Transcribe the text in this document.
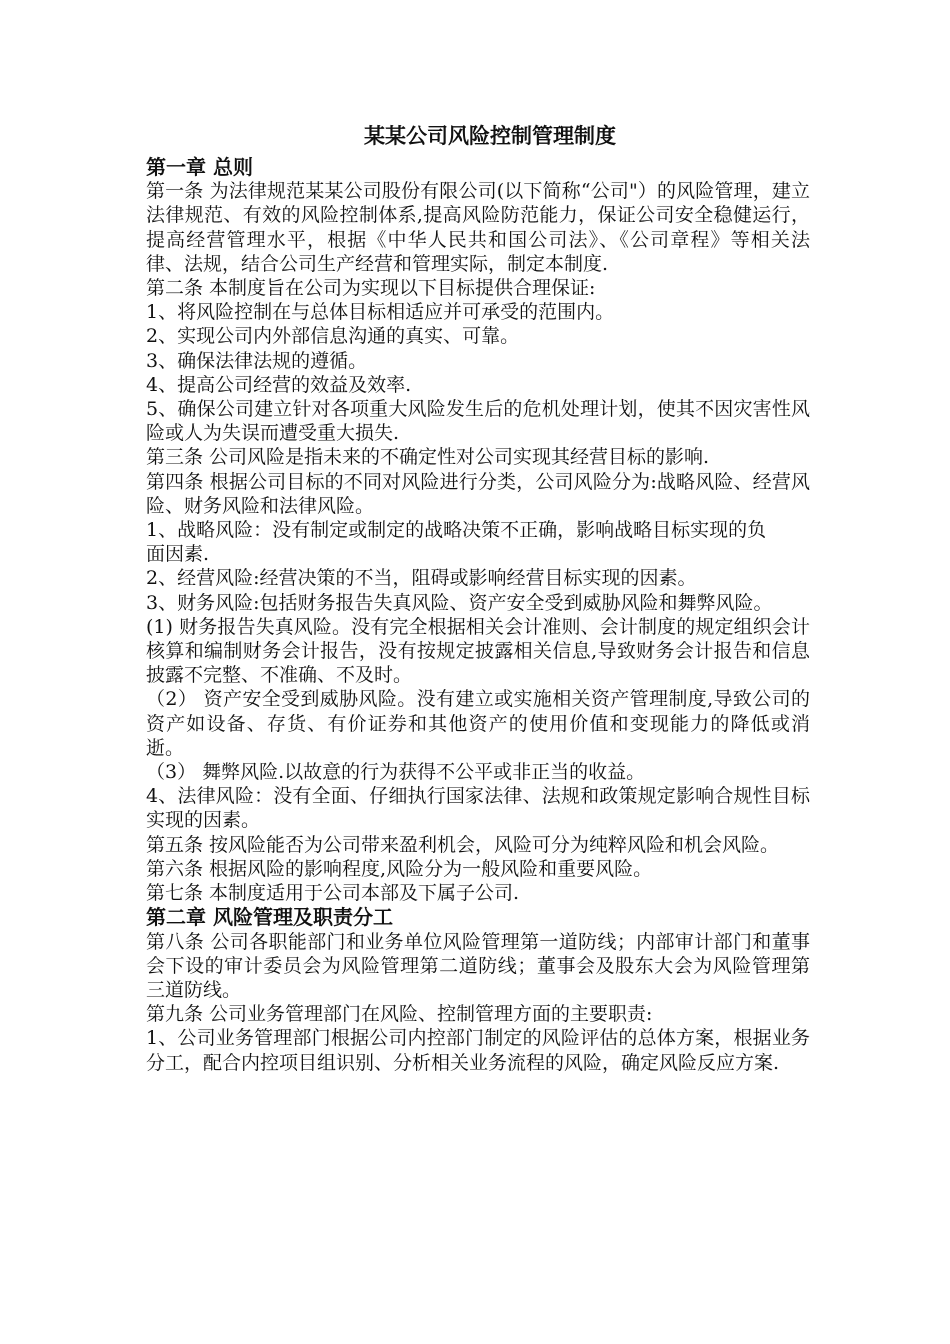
某某公司风险控制管理制度
第一章 总则

第一条 为法律规范某某公司股份有限公司(以下简称“公司"）的风险管理，建立法律规范、有效的风险控制体系,提高风险防范能力，保证公司安全稳健运行，提高经营管理水平，根据《中华人民共和国公司法》、《公司章程》等相关法律、法规，结合公司生产经营和管理实际，制定本制度.

第二条 本制度旨在公司为实现以下目标提供合理保证:

1、将风险控制在与总体目标相适应并可承受的范围内。

2、实现公司内外部信息沟通的真实、可靠。

3、确保法律法规的遵循。

4、提高公司经营的效益及效率.

5、确保公司建立针对各项重大风险发生后的危机处理计划，使其不因灾害性风险或人为失误而遭受重大损失.

第三条 公司风险是指未来的不确定性对公司实现其经营目标的影响.

第四条 根据公司目标的不同对风险进行分类，公司风险分为:战略风险、经营风险、财务风险和法律风险。

1、战略风险：没有制定或制定的战略决策不正确，影响战略目标实现的负

面因素.

2、经营风险:经营决策的不当，阻碍或影响经营目标实现的因素。

3、财务风险:包括财务报告失真风险、资产安全受到威胁风险和舞弊风险。

(1) 财务报告失真风险。没有完全根据相关会计准则、会计制度的规定组织会计核算和编制财务会计报告，没有按规定披露相关信息,导致财务会计报告和信息披露不完整、不准确、不及时。

（2） 资产安全受到威胁风险。没有建立或实施相关资产管理制度,导致公司的资产如设备、存货、有价证券和其他资产的使用价值和变现能力的降低或消逝。

（3） 舞弊风险.以故意的行为获得不公平或非正当的收益。

4、法律风险：没有全面、仔细执行国家法律、法规和政策规定影响合规性目标实现的因素。

第五条 按风险能否为公司带来盈利机会，风险可分为纯粹风险和机会风险。

第六条 根据风险的影响程度,风险分为一般风险和重要风险。

第七条 本制度适用于公司本部及下属子公司.

第二章 风险管理及职责分工

第八条 公司各职能部门和业务单位风险管理第一道防线；内部审计部门和董事会下设的审计委员会为风险管理第二道防线；董事会及股东大会为风险管理第三道防线。

第九条 公司业务管理部门在风险、控制管理方面的主要职责:

1、公司业务管理部门根据公司内控部门制定的风险评估的总体方案，根据业务分工，配合内控项目组识别、分析相关业务流程的风险，确定风险反应方案.
